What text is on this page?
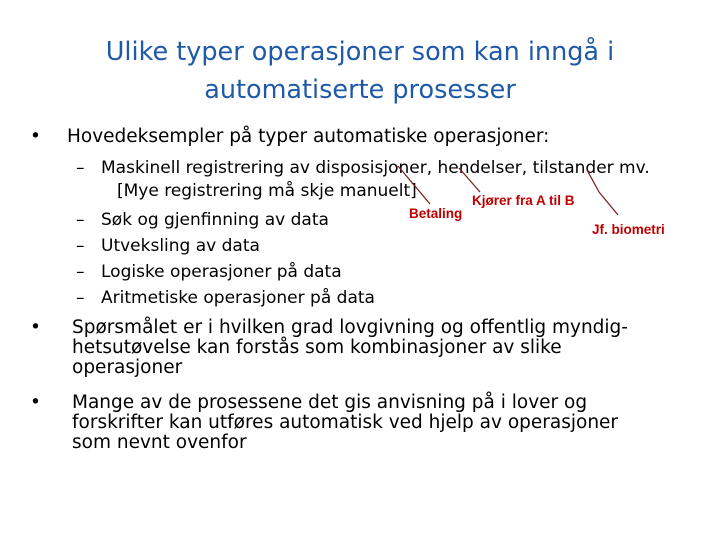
Ulike typer operasjoner som kan inngå i
automatiserte prosesser
• Hovedeksempler på typer automatiske operasjoner:
– Maskinell registrering av disposisjoner, hendelser, tilstander mv.
[Mye registrering må skje manuelt]
– Søk og gjenfinning av data
– Utveksling av data
– Logiske operasjoner på data
– Aritmetiske operasjoner på data
Kjører fra A til B
Betaling
Jf. biometri
• Spørsmålet er i hvilken grad lovgivning og offentlig myndig-
hetsutøvelse kan forstås som kombinasjoner av slike
operasjoner
• Mange av de prosessene det gis anvisning på i lover og
forskrifter kan utføres automatisk ved hjelp av operasjoner
som nevnt ovenfor
